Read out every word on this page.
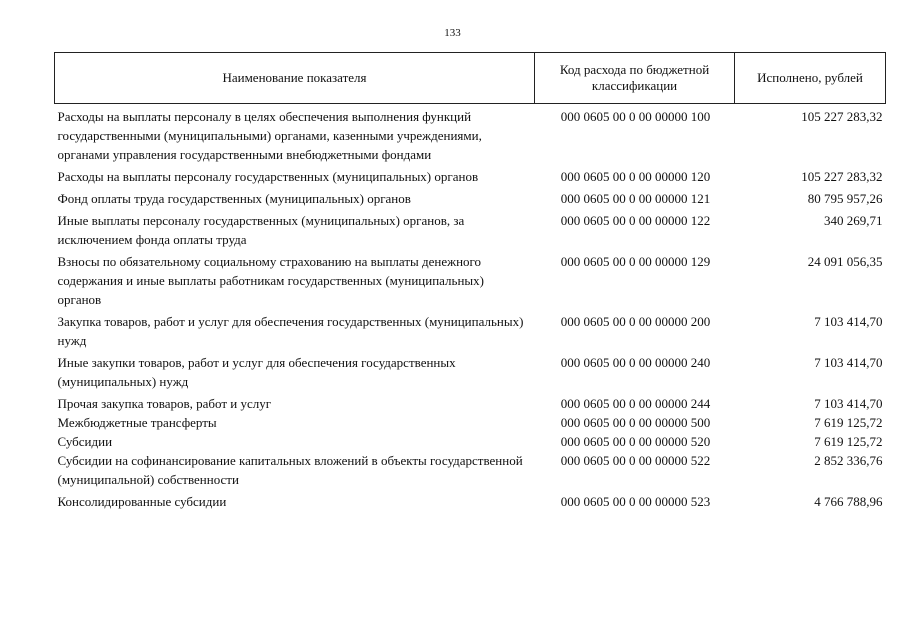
133
Наименование показателя	Код расхода по бюджетной классификации	Исполнено, рублей
Расходы на выплаты персоналу в целях обеспечения выполнения функций государственными (муниципальными) органами, казенными учреждениями, органами управления государственными внебюджетными фондами	000 0605 00 0 00 00000 100	105 227 283,32
Расходы на выплаты персоналу государственных (муниципальных) органов	000 0605 00 0 00 00000 120	105 227 283,32
Фонд оплаты труда государственных (муниципальных) органов	000 0605 00 0 00 00000 121	80 795 957,26
Иные выплаты персоналу государственных (муниципальных) органов, за исключением фонда оплаты труда	000 0605 00 0 00 00000 122	340 269,71
Взносы по обязательному социальному страхованию на выплаты денежного содержания и иные выплаты работникам государственных (муниципальных) органов	000 0605 00 0 00 00000 129	24 091 056,35
Закупка товаров, работ и услуг для обеспечения государственных (муниципальных) нужд	000 0605 00 0 00 00000 200	7 103 414,70
Иные закупки товаров, работ и услуг для обеспечения государственных (муниципальных) нужд	000 0605 00 0 00 00000 240	7 103 414,70
Прочая закупка товаров, работ и услуг	000 0605 00 0 00 00000 244	7 103 414,70
Межбюджетные трансферты	000 0605 00 0 00 00000 500	7 619 125,72
Субсидии	000 0605 00 0 00 00000 520	7 619 125,72
Субсидии на софинансирование капитальных вложений в объекты государственной (муниципальной) собственности	000 0605 00 0 00 00000 522	2 852 336,76
Консолидированные субсидии	000 0605 00 0 00 00000 523	4 766 788,96
